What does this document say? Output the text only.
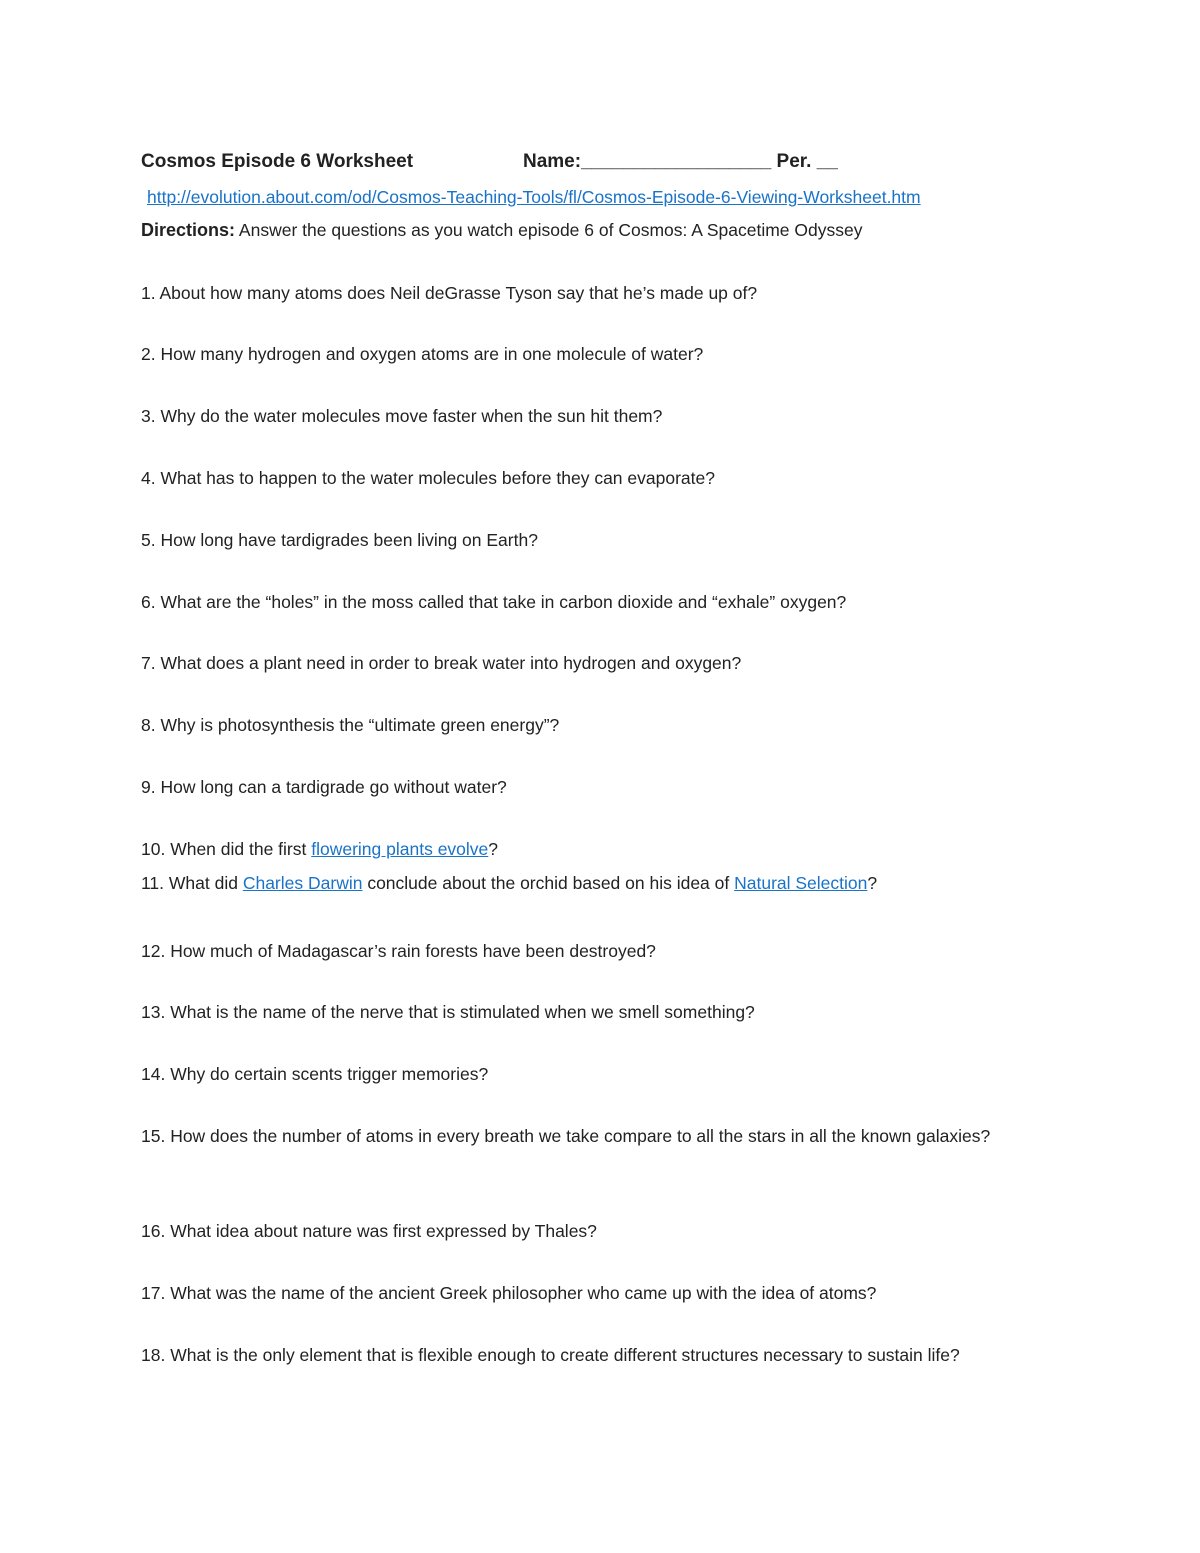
Cosmos Episode 6 Worksheet	Name:__________________ Per. __
http://evolution.about.com/od/Cosmos-Teaching-Tools/fl/Cosmos-Episode-6-Viewing-Worksheet.htm
Directions: Answer the questions as you watch episode 6 of Cosmos: A Spacetime Odyssey
1. About how many atoms does Neil deGrasse Tyson say that he’s made up of?
2. How many hydrogen and oxygen atoms are in one molecule of water?
3. Why do the water molecules move faster when the sun hit them?
4. What has to happen to the water molecules before they can evaporate?
5. How long have tardigrades been living on Earth?
6. What are the “holes” in the moss called that take in carbon dioxide and “exhale” oxygen?
7. What does a plant need in order to break water into hydrogen and oxygen?
8. Why is photosynthesis the “ultimate green energy”?
9. How long can a tardigrade go without water?
10. When did the first flowering plants evolve?
11. What did Charles Darwin conclude about the orchid based on his idea of Natural Selection?
12. How much of Madagascar’s rain forests have been destroyed?
13. What is the name of the nerve that is stimulated when we smell something?
14. Why do certain scents trigger memories?
15. How does the number of atoms in every breath we take compare to all the stars in all the known galaxies?
16. What idea about nature was first expressed by Thales?
17. What was the name of the ancient Greek philosopher who came up with the idea of atoms?
18. What is the only element that is flexible enough to create different structures necessary to sustain life?
